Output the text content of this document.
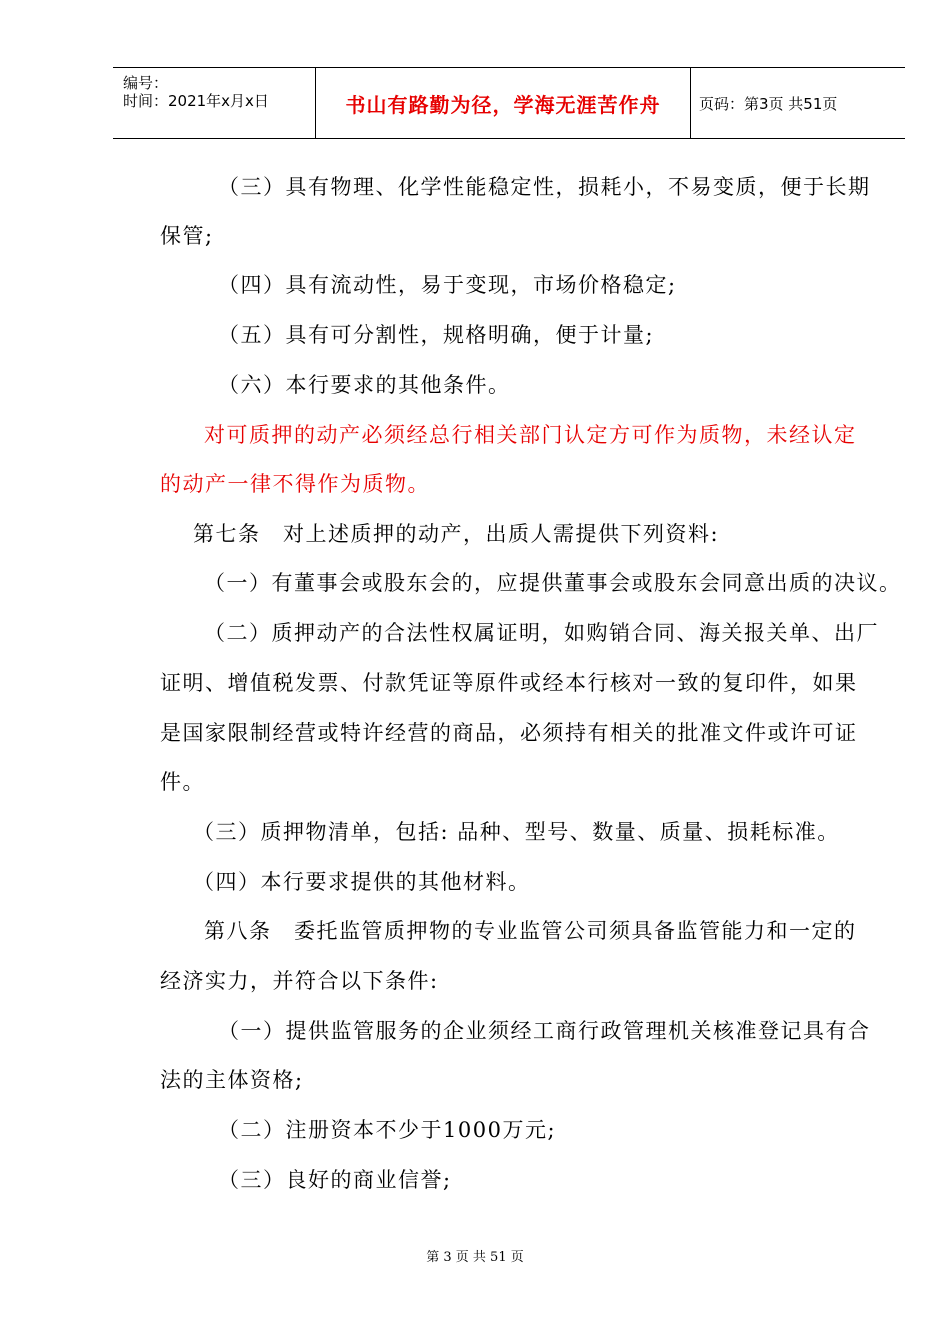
编号：
时间：2021年x月x日	书山有路勤为径，学海无涯苦作舟	页码：第3页 共51页
（三）具有物理、化学性能稳定性，损耗小，不易变质，便于长期
保管;
（四）具有流动性，易于变现，市场价格稳定;
（五）具有可分割性，规格明确，便于计量;
（六）本行要求的其他条件。
对可质押的动产必须经总行相关部门认定方可作为质物，未经认定
的动产一律不得作为质物。
第七条　对上述质押的动产，出质人需提供下列资料:
（一）有董事会或股东会的，应提供董事会或股东会同意出质的决议。
（二）质押动产的合法性权属证明，如购销合同、海关报关单、出厂
证明、增值税发票、付款凭证等原件或经本行核对一致的复印件，如果
是国家限制经营或特许经营的商品，必须持有相关的批准文件或许可证
件。
（三）质押物清单，包括: 品种、型号、数量、质量、损耗标准。
（四）本行要求提供的其他材料。
第八条　委托监管质押物的专业监管公司须具备监管能力和一定的
经济实力，并符合以下条件:
（一）提供监管服务的企业须经工商行政管理机关核准登记具有合
法的主体资格;
（二）注册资本不少于1000万元;
（三）良好的商业信誉;
第 3 页 共 51 页
